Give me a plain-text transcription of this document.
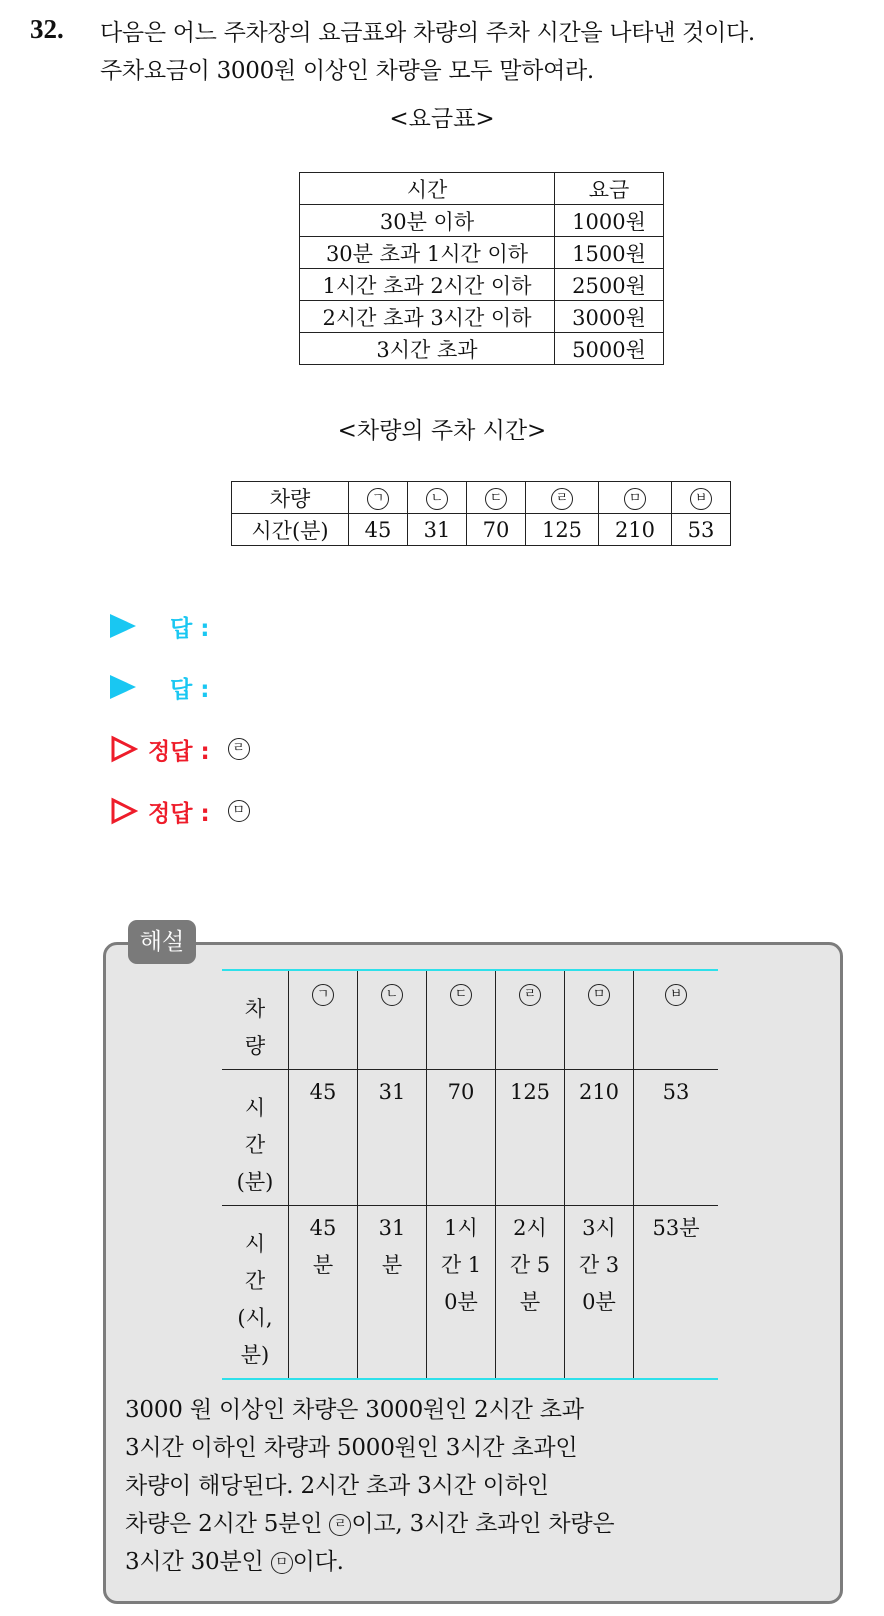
32. 다음은 어느 주차장의 요금표와 차량의 주차 시간을 나타낸 것이다.
주차요금이 3000원 이상인 차량을 모두 말하여라.
<요금표>
시간	요금
30분 이하	1000원
30분 초과 1시간 이하	1500원
1시간 초과 2시간 이하	2500원
2시간 초과 3시간 이하	3000원
3시간 초과	5000원
<차량의 주차 시간>
차량	ㄱ	ㄴ	ㄷ	ㄹ	ㅁ	ㅂ
시간(분)	45	31	70	125	210	53
답 :
답 :
정답 :	ㄹ
정답 :	ㅁ
해설
차량	ㄱ	ㄴ	ㄷ	ㄹ	ㅁ	ㅂ

시간(분)	45	31	70	125	210	53

시간(시, 분)	45분	31분	1시간 10분	2시간 5분	3시간 30분	53분
3000 원 이상인 차량은 3000원인 2시간 초과
3시간 이하인 차량과 5000원인 3시간 초과인
차량이 해당된다. 2시간 초과 3시간 이하인
차량은 2시간 5분인 ㄹ 이고, 3시간 초과인 차량은
3시간 30분인 ㅁ 이다.
